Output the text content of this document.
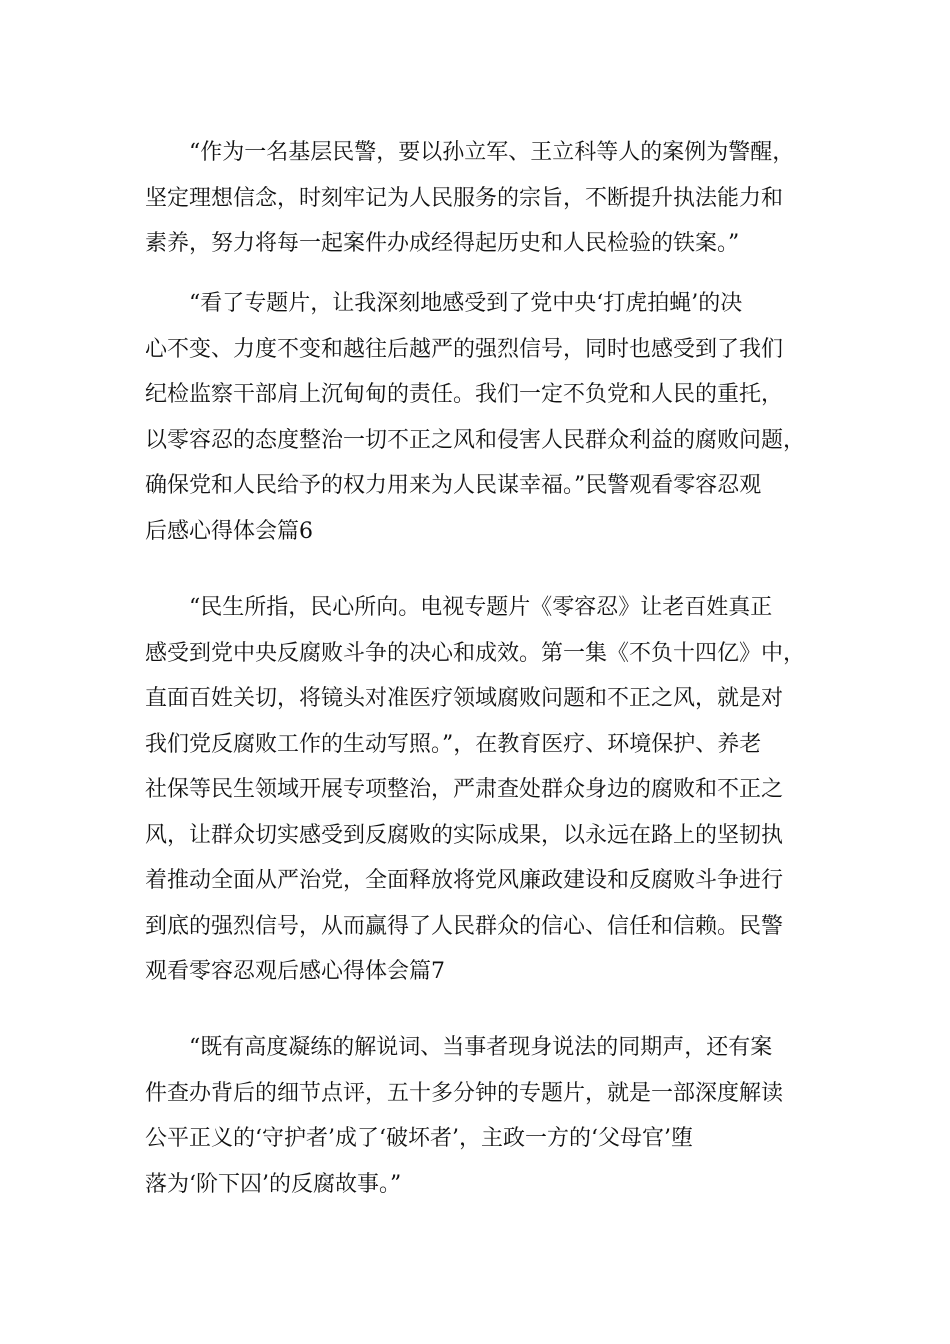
“作为一名基层民警，要以孙立军、王立科等人的案例为警醒，
坚定理想信念，时刻牢记为人民服务的宗旨，不断提升执法能力和
素养，努力将每一起案件办成经得起历史和人民检验的铁案。”
“看了专题片，让我深刻地感受到了党中央‘打虎拍蝇’的决
心不变、力度不变和越往后越严的强烈信号，同时也感受到了我们
纪检监察干部肩上沉甸甸的责任。我们一定不负党和人民的重托，
以零容忍的态度整治一切不正之风和侵害人民群众利益的腐败问题，
确保党和人民给予的权力用来为人民谋幸福。”民警观看零容忍观
后感心得体会篇6
“民生所指，民心所向。电视专题片《零容忍》让老百姓真正
感受到党中央反腐败斗争的决心和成效。第一集《不负十四亿》中，
直面百姓关切，将镜头对准医疗领域腐败问题和不正之风，就是对
我们党反腐败工作的生动写照。”，在教育医疗、环境保护、养老
社保等民生领域开展专项整治，严肃查处群众身边的腐败和不正之
风，让群众切实感受到反腐败的实际成果，以永远在路上的坚韧执
着推动全面从严治党，全面释放将党风廉政建设和反腐败斗争进行
到底的强烈信号，从而赢得了人民群众的信心、信任和信赖。民警
观看零容忍观后感心得体会篇7
“既有高度凝练的解说词、当事者现身说法的同期声，还有案
件查办背后的细节点评，五十多分钟的专题片，就是一部深度解读
公平正义的‘守护者’成了‘破坏者’，主政一方的‘父母官’堕
落为‘阶下囚’的反腐故事。”
